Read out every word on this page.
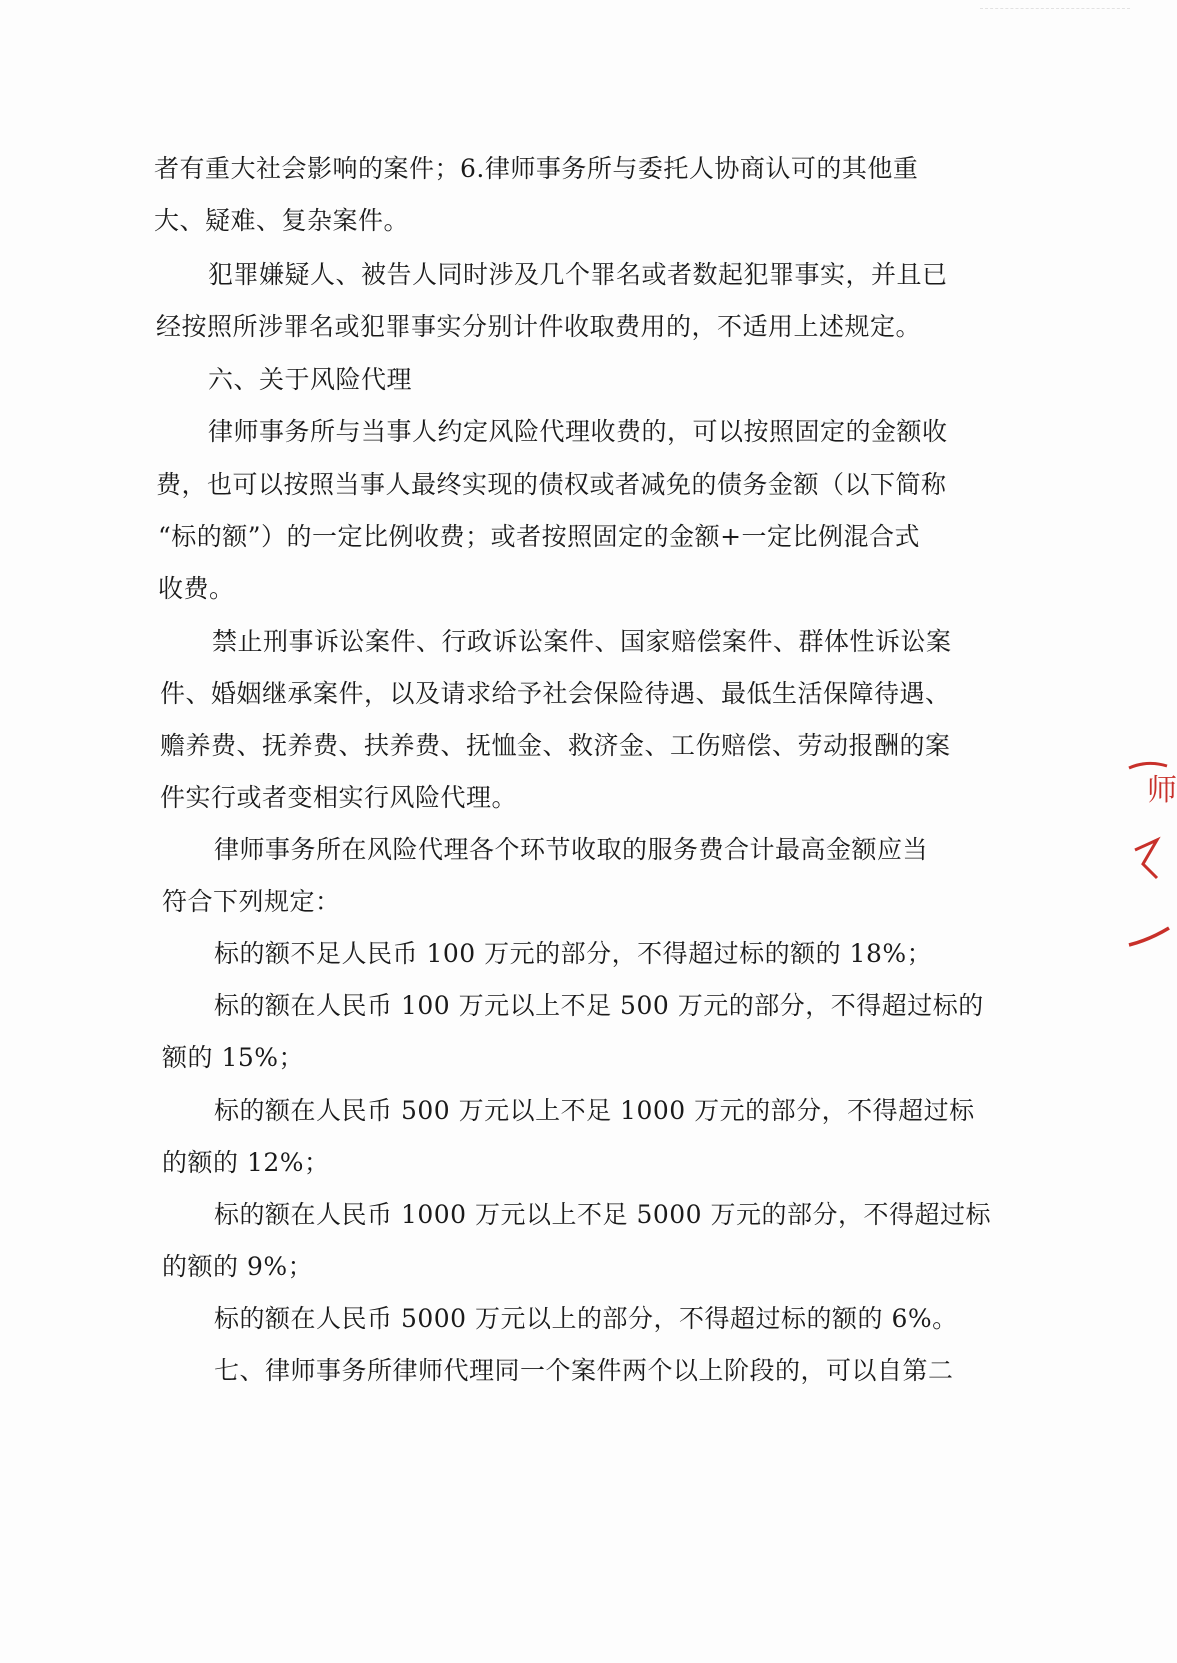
者有重大社会影响的案件；6.律师事务所与委托人协商认可的其他重
大、疑难、复杂案件。
犯罪嫌疑人、被告人同时涉及几个罪名或者数起犯罪事实，并且已
经按照所涉罪名或犯罪事实分别计件收取费用的，不适用上述规定。
六、关于风险代理
律师事务所与当事人约定风险代理收费的，可以按照固定的金额收
费，也可以按照当事人最终实现的债权或者减免的债务金额（以下简称
“标的额”）的一定比例收费；或者按照固定的金额+一定比例混合式
收费。
禁止刑事诉讼案件、行政诉讼案件、国家赔偿案件、群体性诉讼案
件、婚姻继承案件，以及请求给予社会保险待遇、最低生活保障待遇、
赡养费、抚养费、扶养费、抚恤金、救济金、工伤赔偿、劳动报酬的案
件实行或者变相实行风险代理。
律师事务所在风险代理各个环节收取的服务费合计最高金额应当
符合下列规定：
标的额不足人民币 100 万元的部分，不得超过标的额的 18%；
标的额在人民币 100 万元以上不足 500 万元的部分，不得超过标的
额的 15%；
标的额在人民币 500 万元以上不足 1000 万元的部分，不得超过标
的额的 12%；
标的额在人民币 1000 万元以上不足 5000 万元的部分，不得超过标
的额的 9%；
标的额在人民币 5000 万元以上的部分，不得超过标的额的 6%。
七、律师事务所律师代理同一个案件两个以上阶段的，可以自第二
师
